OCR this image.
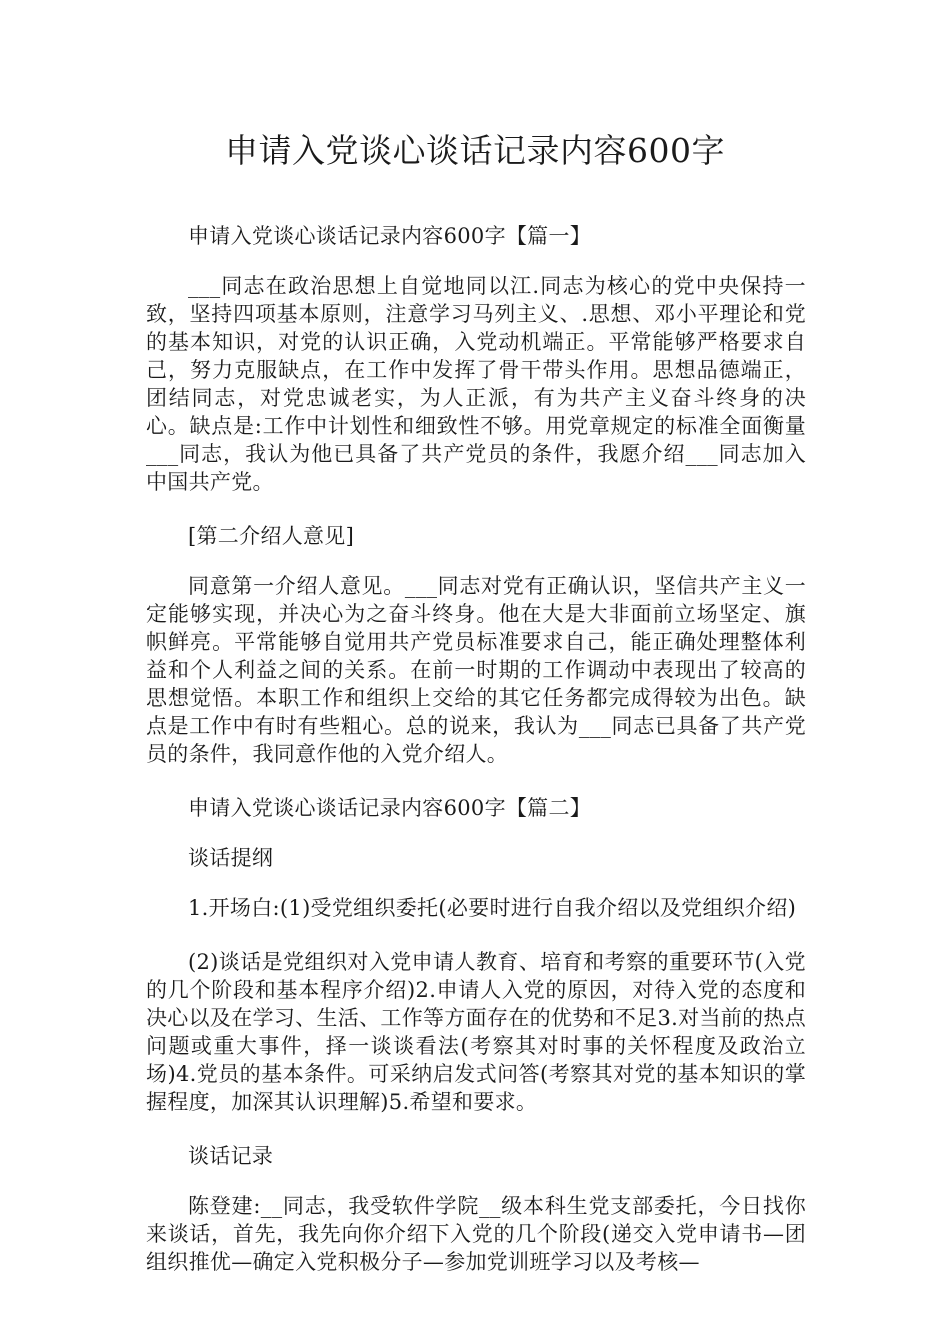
申请入党谈心谈话记录内容600字

申请入党谈心谈话记录内容600字【篇一】

___同志在政治思想上自觉地同以江.同志为核心的党中央保持一致，坚持四项基本原则，注意学习马列主义、.思想、邓小平理论和党的基本知识，对党的认识正确，入党动机端正。平常能够严格要求自己，努力克服缺点，在工作中发挥了骨干带头作用。思想品德端正，团结同志，对党忠诚老实，为人正派，有为共产主义奋斗终身的决心。缺点是:工作中计划性和细致性不够。用党章规定的标准全面衡量___同志，我认为他已具备了共产党员的条件，我愿介绍___同志加入中国共产党。

[第二介绍人意见]

同意第一介绍人意见。___同志对党有正确认识，坚信共产主义一定能够实现，并决心为之奋斗终身。他在大是大非面前立场坚定、旗帜鲜亮。平常能够自觉用共产党员标准要求自己，能正确处理整体利益和个人利益之间的关系。在前一时期的工作调动中表现出了较高的思想觉悟。本职工作和组织上交给的其它任务都完成得较为出色。缺点是工作中有时有些粗心。总的说来，我认为___同志已具备了共产党员的条件，我同意作他的入党介绍人。

申请入党谈心谈话记录内容600字【篇二】

谈话提纲

1.开场白:(1)受党组织委托(必要时进行自我介绍以及党组织介绍)

(2)谈话是党组织对入党申请人教育、培育和考察的重要环节(入党的几个阶段和基本程序介绍)2.申请人入党的原因，对待入党的态度和决心以及在学习、生活、工作等方面存在的优势和不足3.对当前的热点问题或重大事件，择一谈谈看法(考察其对时事的关怀程度及政治立场)4.党员的基本条件。可采纳启发式问答(考察其对党的基本知识的掌握程度，加深其认识理解)5.希望和要求。

谈话记录

陈登建:__同志，我受软件学院__级本科生党支部委托，今日找你来谈话，首先，我先向你介绍下入党的几个阶段(递交入党申请书—团组织推优—确定入党积极分子—参加党训班学习以及考核—
